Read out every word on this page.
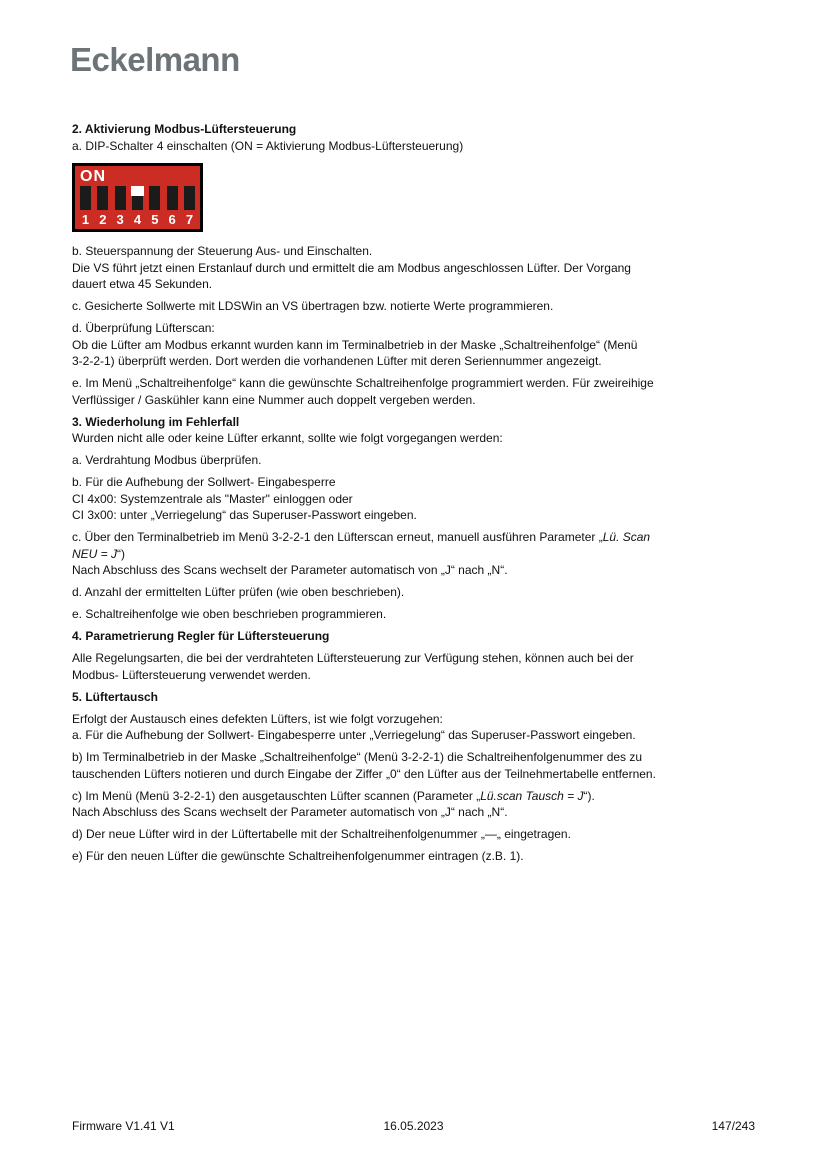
Eckelmann

2. Aktivierung Modbus-Lüftersteuerung
a. DIP-Schalter 4 einschalten (ON = Aktivierung Modbus-Lüftersteuerung)

ON
1 2 3 4 5 6 7

b. Steuerspannung der Steuerung Aus- und Einschalten.
Die VS führt jetzt einen Erstanlauf durch und ermittelt die am Modbus angeschlossen Lüfter. Der Vorgang
dauert etwa 45 Sekunden.

c. Gesicherte Sollwerte mit LDSWin an VS übertragen bzw. notierte Werte programmieren.

d. Überprüfung Lüfterscan:
Ob die Lüfter am Modbus erkannt wurden kann im Terminalbetrieb in der Maske „Schaltreihenfolge“ (Menü
3-2-2-1) überprüft werden. Dort werden die vorhandenen Lüfter mit deren Seriennummer angezeigt.

e. Im Menü „Schaltreihenfolge“ kann die gewünschte Schaltreihenfolge programmiert werden. Für zweireihige
Verflüssiger / Gaskühler kann eine Nummer auch doppelt vergeben werden.

3. Wiederholung im Fehlerfall
Wurden nicht alle oder keine Lüfter erkannt, sollte wie folgt vorgegangen werden:

a. Verdrahtung Modbus überprüfen.

b. Für die Aufhebung der Sollwert- Eingabesperre
CI 4x00: Systemzentrale als "Master" einloggen oder
CI 3x00: unter „Verriegelung“ das Superuser-Passwort eingeben.

c. Über den Terminalbetrieb im Menü 3-2-2-1 den Lüfterscan erneut, manuell ausführen Parameter „Lü. Scan
NEU = J“)
Nach Abschluss des Scans wechselt der Parameter automatisch von „J“ nach „N“.

d. Anzahl der ermittelten Lüfter prüfen (wie oben beschrieben).

e. Schaltreihenfolge wie oben beschrieben programmieren.

4. Parametrierung Regler für Lüftersteuerung

Alle Regelungsarten, die bei der verdrahteten Lüftersteuerung zur Verfügung stehen, können auch bei der
Modbus- Lüftersteuerung verwendet werden.

5. Lüftertausch

Erfolgt der Austausch eines defekten Lüfters, ist wie folgt vorzugehen:
a. Für die Aufhebung der Sollwert- Eingabesperre unter „Verriegelung“ das Superuser-Passwort eingeben.

b) Im Terminalbetrieb in der Maske „Schaltreihenfolge“ (Menü 3-2-2-1) die Schaltreihenfolgenummer des zu
tauschenden Lüfters notieren und durch Eingabe der Ziffer „0“ den Lüfter aus der Teilnehmertabelle entfernen.

c) Im Menü (Menü 3-2-2-1) den ausgetauschten Lüfter scannen (Parameter „Lü.scan Tausch = J“).
Nach Abschluss des Scans wechselt der Parameter automatisch von „J“ nach „N“.

d) Der neue Lüfter wird in der Lüftertabelle mit der Schaltreihenfolgenummer „—„ eingetragen.

e) Für den neuen Lüfter die gewünschte Schaltreihenfolgenummer eintragen (z.B. 1).

Firmware V1.41 V1	16.05.2023	147/243
